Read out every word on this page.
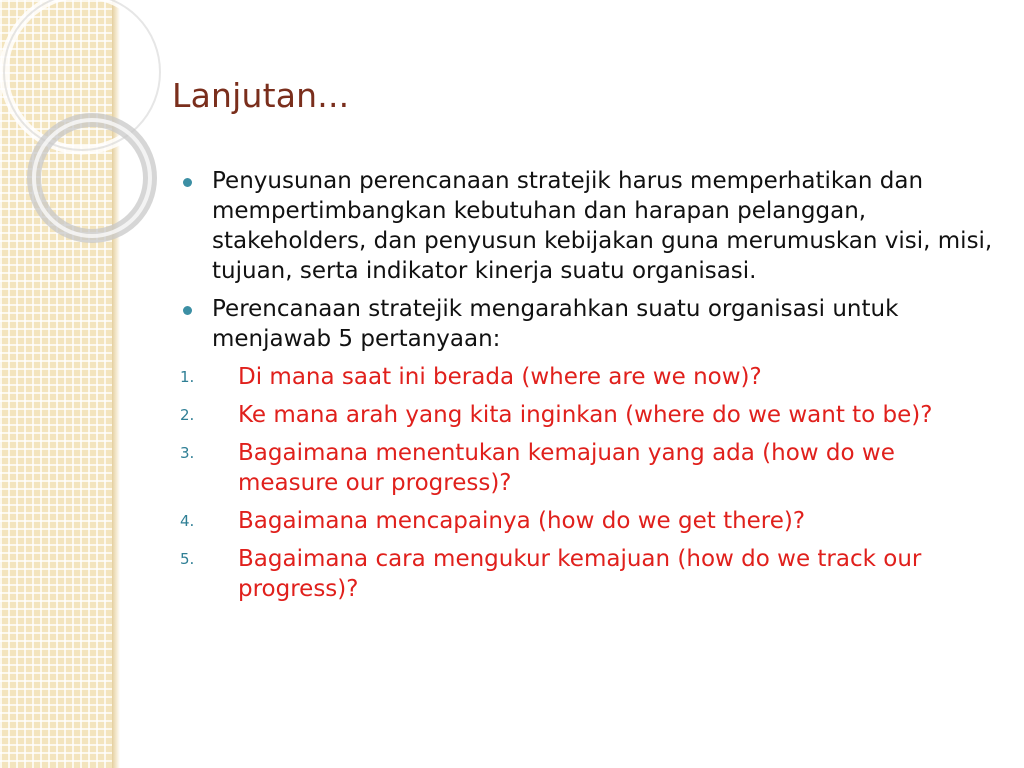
Lanjutan...
Penyusunan perencanaan stratejik harus memperhatikan dan mempertimbangkan kebutuhan dan harapan pelanggan, stakeholders, dan penyusun kebijakan guna merumuskan visi, misi, tujuan, serta indikator kinerja suatu organisasi.
Perencanaan stratejik mengarahkan suatu organisasi untuk menjawab 5 pertanyaan:
1. Di mana saat ini berada (where are we now)?
2. Ke mana arah yang kita inginkan (where do we want to be)?
3. Bagaimana menentukan kemajuan yang ada (how do we measure our progress)?
4. Bagaimana mencapainya (how do we get there)?
5. Bagaimana cara mengukur kemajuan (how do we track our progress)?
